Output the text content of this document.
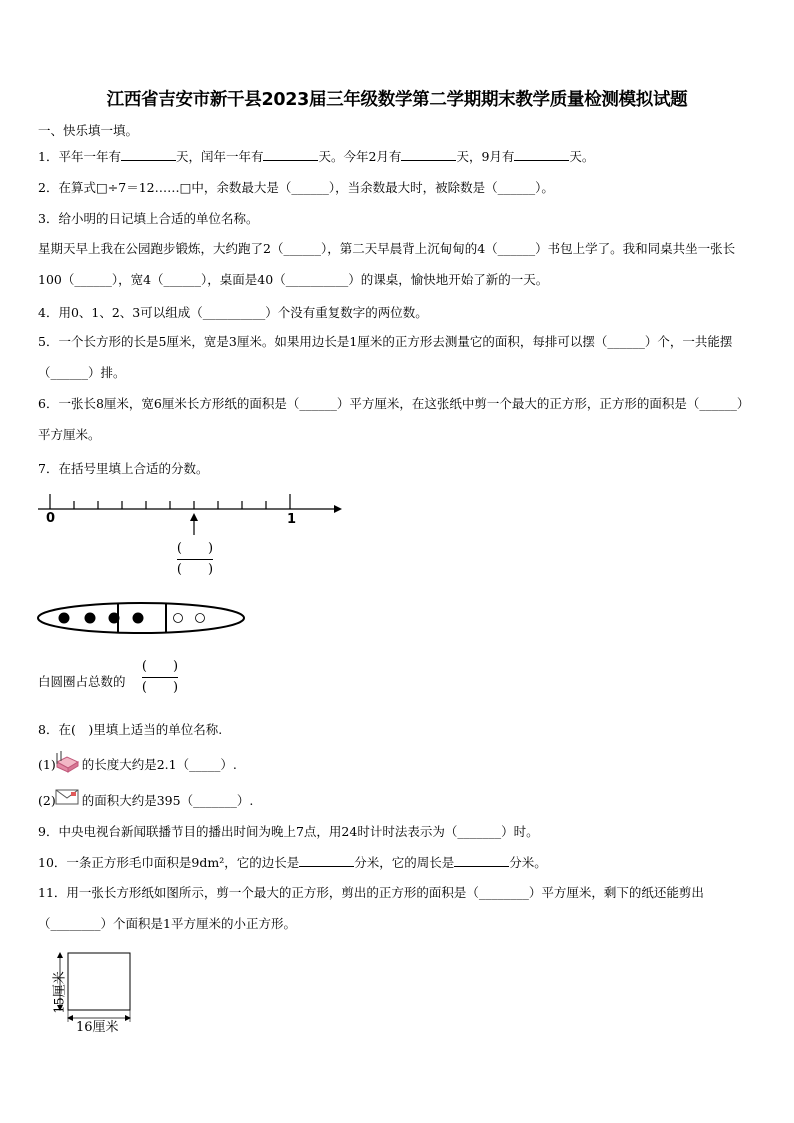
江西省吉安市新干县2023届三年级数学第二学期期末教学质量检测模拟试题
一、快乐填一填。
1．平年一年有	天，闰年一年有	天。今年2月有	天，9月有	天。
2．在算式□÷7＝12……□中，余数最大是（______），当余数最大时，被除数是（______）。
3．给小明的日记填上合适的单位名称。
星期天早上我在公园跑步锻炼，大约跑了2（______），第二天早晨背上沉甸甸的4（______）书包上学了。我和同桌共坐一张长100（______），宽4（______），桌面是40（__________）的课桌，愉快地开始了新的一天。
4．用0、1、2、3可以组成（__________）个没有重复数字的两位数。
5．一个长方形的长是5厘米，宽是3厘米。如果用边长是1厘米的正方形去测量它的面积，每排可以摆（______）个，一共能摆（______）排。
6．一张长8厘米，宽6厘米长方形纸的面积是（______）平方厘米，在这张纸中剪一个最大的正方形，正方形的面积是（______）平方厘米。
7．在括号里填上合适的分数。
0	1
(　　)
(　　)
白圆圈占总数的
(　　)
(　　)
8．在(　)里填上适当的单位名称.
(1) 的长度大约是2.1（_____）.
(2) 的面积大约是395（_______）.
9．中央电视台新闻联播节目的播出时间为晚上7点，用24时计时法表示为（_______）时。
10．一条正方形毛巾面积是9dm²，它的边长是	分米，它的周长是	分米。
11．用一张长方形纸如图所示，剪一个最大的正方形，剪出的正方形的面积是（________）平方厘米，剩下的纸还能剪出（________）个面积是1平方厘米的小正方形。
15厘米
16厘米
